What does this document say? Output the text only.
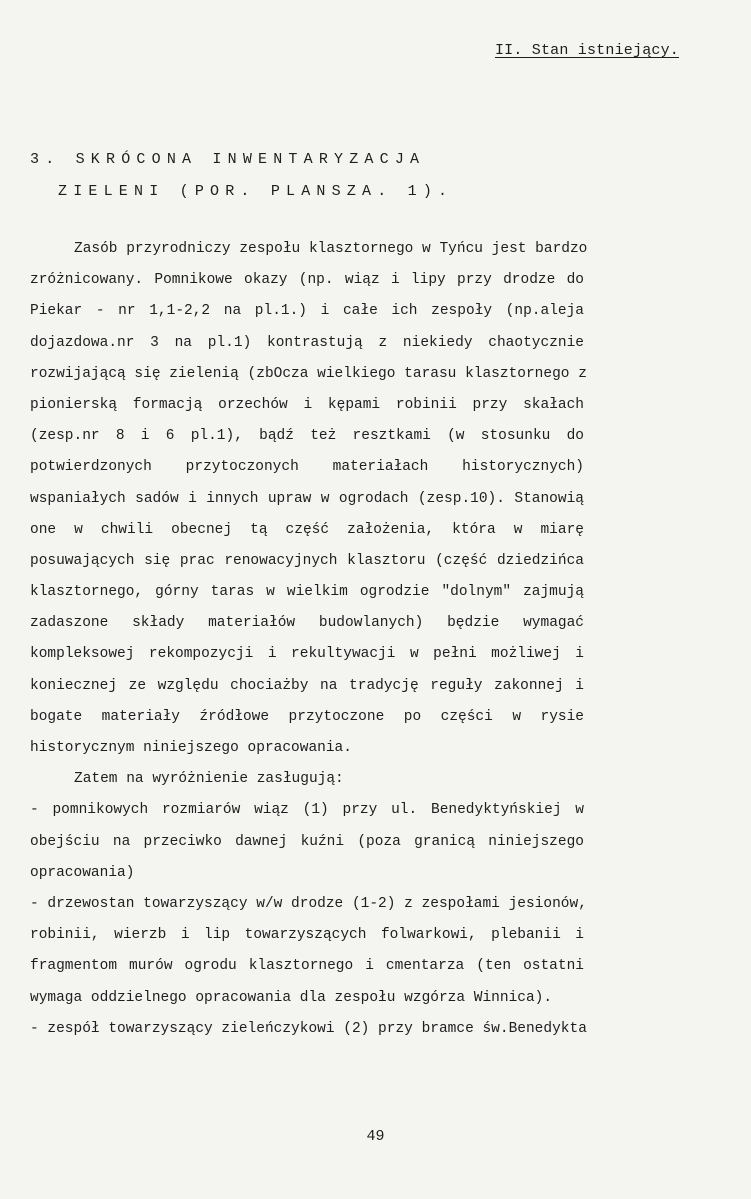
II. Stan istniejący.
3. SKRÓCONA INWENTARYZACJA
ZIELENI (POR. PLANSZA. 1).

Zasób przyrodniczy zespołu klasztornego w Tyńcu jest bardzo
zróżnicowany. Pomnikowe okazy (np. wiąz i lipy przy drodze do
Piekar - nr 1,1-2,2 na pl.1.) i całe ich zespoły (np.aleja
dojazdowa.nr 3 na pl.1) kontrastują z niekiedy chaotycznie
rozwijającą się zielenią (zbOcza wielkiego tarasu klasztornego z
pionierską formacją orzechów i kępami robinii przy skałach
(zesp.nr 8 i 6 pl.1), bądź też resztkami (w stosunku do
potwierdzonych przytoczonych materiałach historycznych)
wspaniałych sadów i innych upraw w ogrodach (zesp.10). Stanowią
one w chwili obecnej tą część założenia, która w miarę
posuwających się prac renowacyjnych klasztoru (część dziedzińca
klasztornego, górny taras w wielkim ogrodzie "dolnym" zajmują
zadaszone składy materiałów budowlanych) będzie wymagać
kompleksowej rekompozycji i rekultywacji w pełni możliwej i
koniecznej ze względu chociażby na tradycję reguły zakonnej i
bogate materiały źródłowe przytoczone po części w rysie
historycznym niniejszego opracowania.

Zatem na wyróżnienie zasługują:

- pomnikowych rozmiarów wiąz (1) przy ul. Benedyktyńskiej w
obejściu na przeciwko dawnej kuźni (poza granicą niniejszego
opracowania)

- drzewostan towarzyszący w/w drodze (1-2) z zespołami jesionów,
robinii, wierzb i lip towarzyszących folwarkowi, plebanii i
fragmentom murów ogrodu klasztornego i cmentarza (ten ostatni
wymaga oddzielnego opracowania dla zespołu wzgórza Winnica).

- zespół towarzyszący zieleńczykowi (2) przy bramce św.Benedykta

49
